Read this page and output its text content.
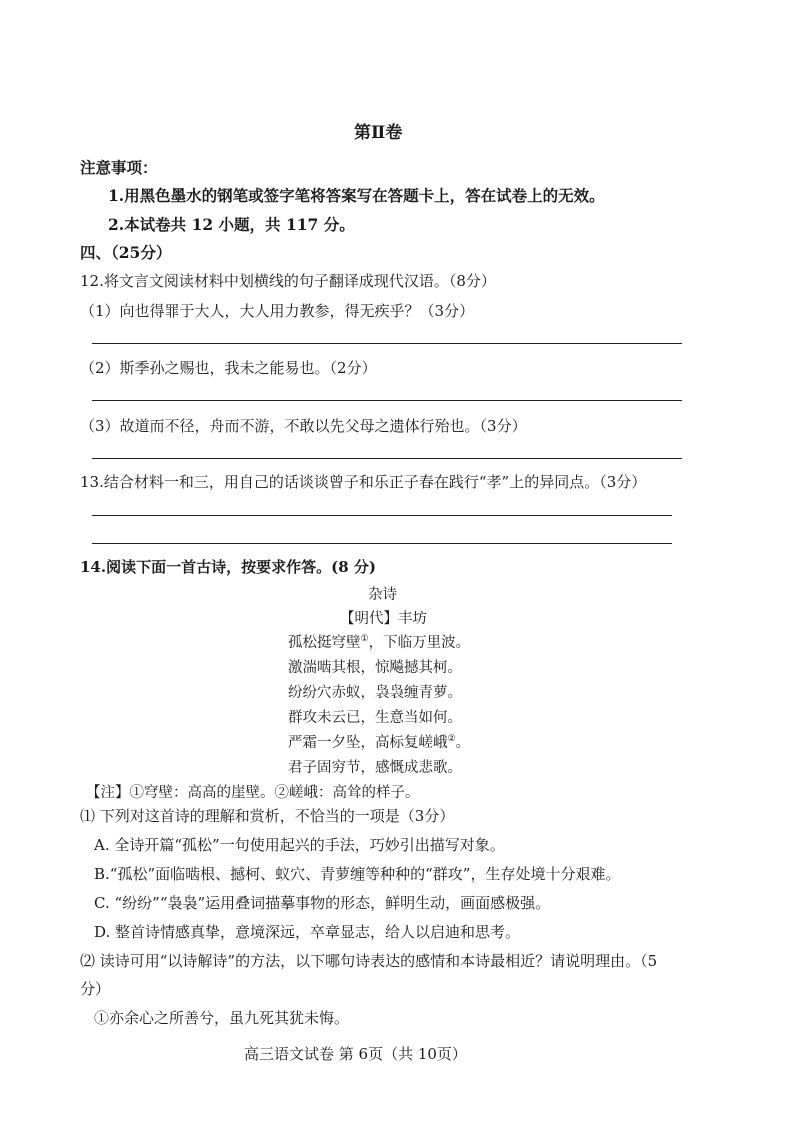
第Ⅱ卷
注意事项：
1.用黑色墨水的钢笔或签字笔将答案写在答题卡上，答在试卷上的无效。
2.本试卷共 12 小题，共 117 分。
四、（25分）
12.将文言文阅读材料中划横线的句子翻译成现代汉语。（8分）
（1）向也得罪于大人，大人用力教参，得无疾乎？（3分）
（2）斯季孙之赐也，我未之能易也。（2分）
（3）故道而不径，舟而不游，不敢以先父母之遗体行殆也。（3分）
13.结合材料一和三，用自己的话谈谈曾子和乐正子春在践行“孝”上的异同点。（3分）
14.阅读下面一首古诗，按要求作答。(8 分)
杂诗
【明代】丰坊
孤松挺穹壁①，下临万里波。
激湍啮其根，惊飚撼其柯。
纷纷穴赤蚁，袅袅缠青萝。
群攻未云已，生意当如何。
严霜一夕坠，高标复嵯峨②。
君子固穷节，感慨成悲歌。
【注】①穹壁：高高的崖壁。②嵯峨：高耸的样子。
⑴ 下列对这首诗的理解和赏析，不恰当的一项是（3分）
A. 全诗开篇“孤松”一句使用起兴的手法，巧妙引出描写对象。
B.“孤松”面临啮根、撼柯、蚁穴、青萝缠等种种的“群攻”，生存处境十分艰难。
C. “纷纷”“袅袅”运用叠词描摹事物的形态，鲜明生动，画面感极强。
D. 整首诗情感真挚，意境深远，卒章显志，给人以启迪和思考。
⑵ 读诗可用“以诗解诗”的方法，以下哪句诗表达的感情和本诗最相近？请说明理由。（5
分）
①亦余心之所善兮，虽九死其犹未悔。
高三语文试卷 第 6页（共 10页）
